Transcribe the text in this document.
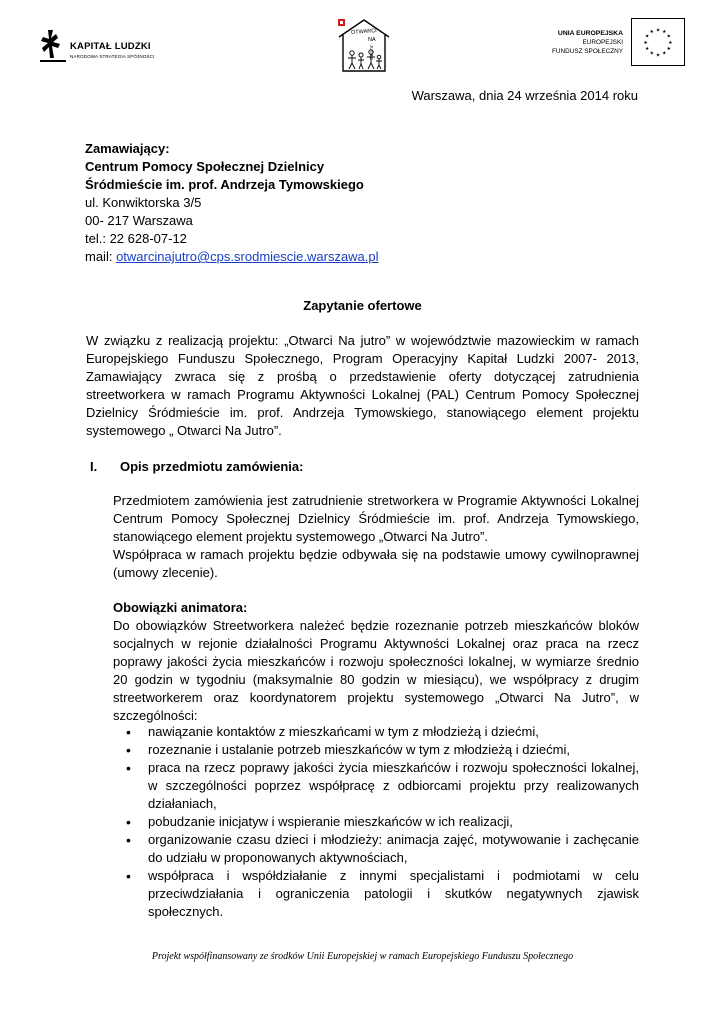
KAPITAŁ LUDZKI
NARODOWA STRATEGIA SPÓJNOŚCI
OTWARCI
NA
JUTRO
UNIA EUROPEJSKA
EUROPEJSKI
FUNDUSZ SPOŁECZNY
★ ★
★
★
★
★
★
★
★
★
★
★
Warszawa, dnia 24 września 2014 roku
Zamawiający:
Centrum Pomocy Społecznej Dzielnicy
Śródmieście im. prof. Andrzeja Tymowskiego
ul. Konwiktorska 3/5
00- 217 Warszawa
tel.: 22 628-07-12
mail: otwarcinajutro@cps.srodmiescie.warszawa.pl
Zapytanie ofertowe
W związku z realizacją projektu: „Otwarci Na jutro” w województwie mazowieckim w ramach Europejskiego Funduszu Społecznego, Program Operacyjny Kapitał Ludzki 2007- 2013, Zamawiający zwraca się z prośbą o przedstawienie oferty dotyczącej zatrudnienia streetworkera w ramach Programu Aktywności Lokalnej (PAL) Centrum Pomocy Społecznej Dzielnicy Śródmieście im. prof. Andrzeja Tymowskiego, stanowiącego element projektu systemowego „ Otwarci Na Jutro”.
I. Opis przedmiotu zamówienia:
Przedmiotem zamówienia jest zatrudnienie stretworkera w Programie Aktywności Lokalnej Centrum Pomocy Społecznej Dzielnicy Śródmieście im. prof. Andrzeja Tymowskiego, stanowiącego element projektu systemowego „Otwarci Na Jutro”.
Współpraca w ramach projektu będzie odbywała się na podstawie umowy cywilnoprawnej (umowy zlecenie).
Obowiązki animatora:
Do obowiązków Streetworkera należeć będzie rozeznanie potrzeb mieszkańców bloków socjalnych w rejonie działalności Programu Aktywności Lokalnej oraz praca na rzecz poprawy jakości życia mieszkańców i rozwoju społeczności lokalnej, w wymiarze średnio 20 godzin w tygodniu (maksymalnie 80 godzin w miesiącu), we współpracy z drugim streetworkerem oraz koordynatorem projektu systemowego „Otwarci Na Jutro”, w szczególności:
• nawiązanie kontaktów z mieszkańcami w tym z młodzieżą i dziećmi,
• rozeznanie i ustalanie potrzeb mieszkańców w tym z młodzieżą i dziećmi,
• praca na rzecz poprawy jakości życia mieszkańców i rozwoju społeczności lokalnej, w szczególności poprzez współpracę z odbiorcami projektu przy realizowanych działaniach,
• pobudzanie inicjatyw i wspieranie mieszkańców w ich realizacji,
• organizowanie czasu dzieci i młodzieży: animacja zajęć, motywowanie i zachęcanie do udziału w proponowanych aktywnościach,
• współpraca i współdziałanie z innymi specjalistami i podmiotami w celu przeciwdziałania i ograniczenia patologii i skutków negatywnych zjawisk społecznych.
Projekt współfinansowany ze środków Unii Europejskiej w ramach Europejskiego Funduszu Społecznego
